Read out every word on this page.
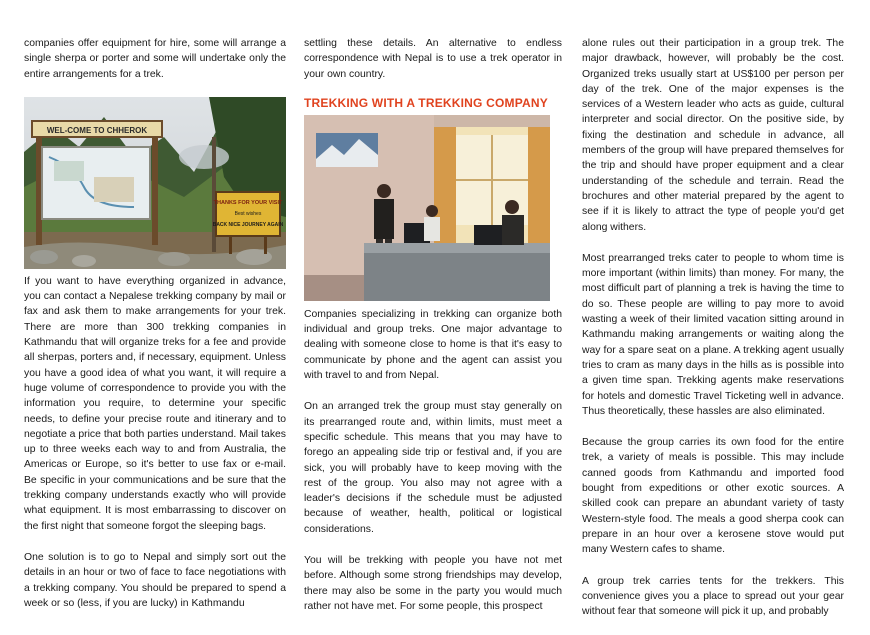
companies offer equipment for hire, some will arrange a single sherpa or porter and some will undertake only the entire arrangements for a trek.

WEL-COME TO CHHEROK
THANKS FOR YOUR VISIT
Best wishes
BACK NICE JOURNEY AGAIN

If you want to have everything organized in advance, you can contact a Nepalese trekking company by mail or fax and ask them to make arrangements for your trek. There are more than 300 trekking companies in Kathmandu that will organize treks for a fee and provide all sherpas, porters and, if necessary, equipment. Unless you have a good idea of what you want, it will require a huge volume of correspondence to provide you with the information you require, to determine your specific needs, to define your precise route and itinerary and to negotiate a price that both parties understand. Mail takes up to three weeks each way to and from Australia, the Americas or Europe, so it's better to use fax or e-mail. Be specific in your communications and be sure that the trekking company understands exactly who will provide what equipment. It is most embarrassing to discover on the first night that someone forgot the sleeping bags.

One solution is to go to Nepal and simply sort out the details in an hour or two of face to face negotiations with a trekking company. You should be prepared to spend a week or so (less, if you are lucky) in Kathmandu

settling these details. An alternative to endless correspondence with Nepal is to use a trek operator in your own country.

TREKKING WITH A TREKKING COMPANY

Companies specializing in trekking can organize both individual and group treks. One major advantage to dealing with someone close to home is that it's easy to communicate by phone and the agent can assist you with travel to and from Nepal.

On an arranged trek the group must stay generally on its prearranged route and, within limits, must meet a specific schedule. This means that you may have to forego an appealing side trip or festival and, if you are sick, you will probably have to keep moving with the rest of the group. You also may not agree with a leader's decisions if the schedule must be adjusted because of weather, health, political or logistical considerations.

You will be trekking with people you have not met before. Although some strong friendships may develop, there may also be some in the party you would much rather not have met. For some people, this prospect

alone rules out their participation in a group trek. The major drawback, however, will probably be the cost. Organized treks usually start at US$100 per person per day of the trek. One of the major expenses is the services of a Western leader who acts as guide, cultural interpreter and social director. On the positive side, by fixing the destination and schedule in advance, all members of the group will have prepared themselves for the trip and should have proper equipment and a clear understanding of the schedule and terrain. Read the brochures and other material prepared by the agent to see if it is likely to attract the type of people you'd get along withers.

Most prearranged treks cater to people to whom time is more important (within limits) than money. For many, the most difficult part of planning a trek is having the time to do so. These people are willing to pay more to avoid wasting a week of their limited vacation sitting around in Kathmandu making arrangements or waiting along the way for a spare seat on a plane. A trekking agent usually tries to cram as many days in the hills as is possible into a given time span. Trekking agents make reservations for hotels and domestic Travel Ticketing well in advance. Thus theoretically, these hassles are also eliminated.

Because the group carries its own food for the entire trek, a variety of meals is possible. This may include canned goods from Kathmandu and imported food bought from expeditions or other exotic sources. A skilled cook can prepare an abundant variety of tasty Western-style food. The meals a good sherpa cook can prepare in an hour over a kerosene stove would put many Western cafes to shame.

A group trek carries tents for the trekkers. This convenience gives you a place to spread out your gear without fear that someone will pick it up, and probably
